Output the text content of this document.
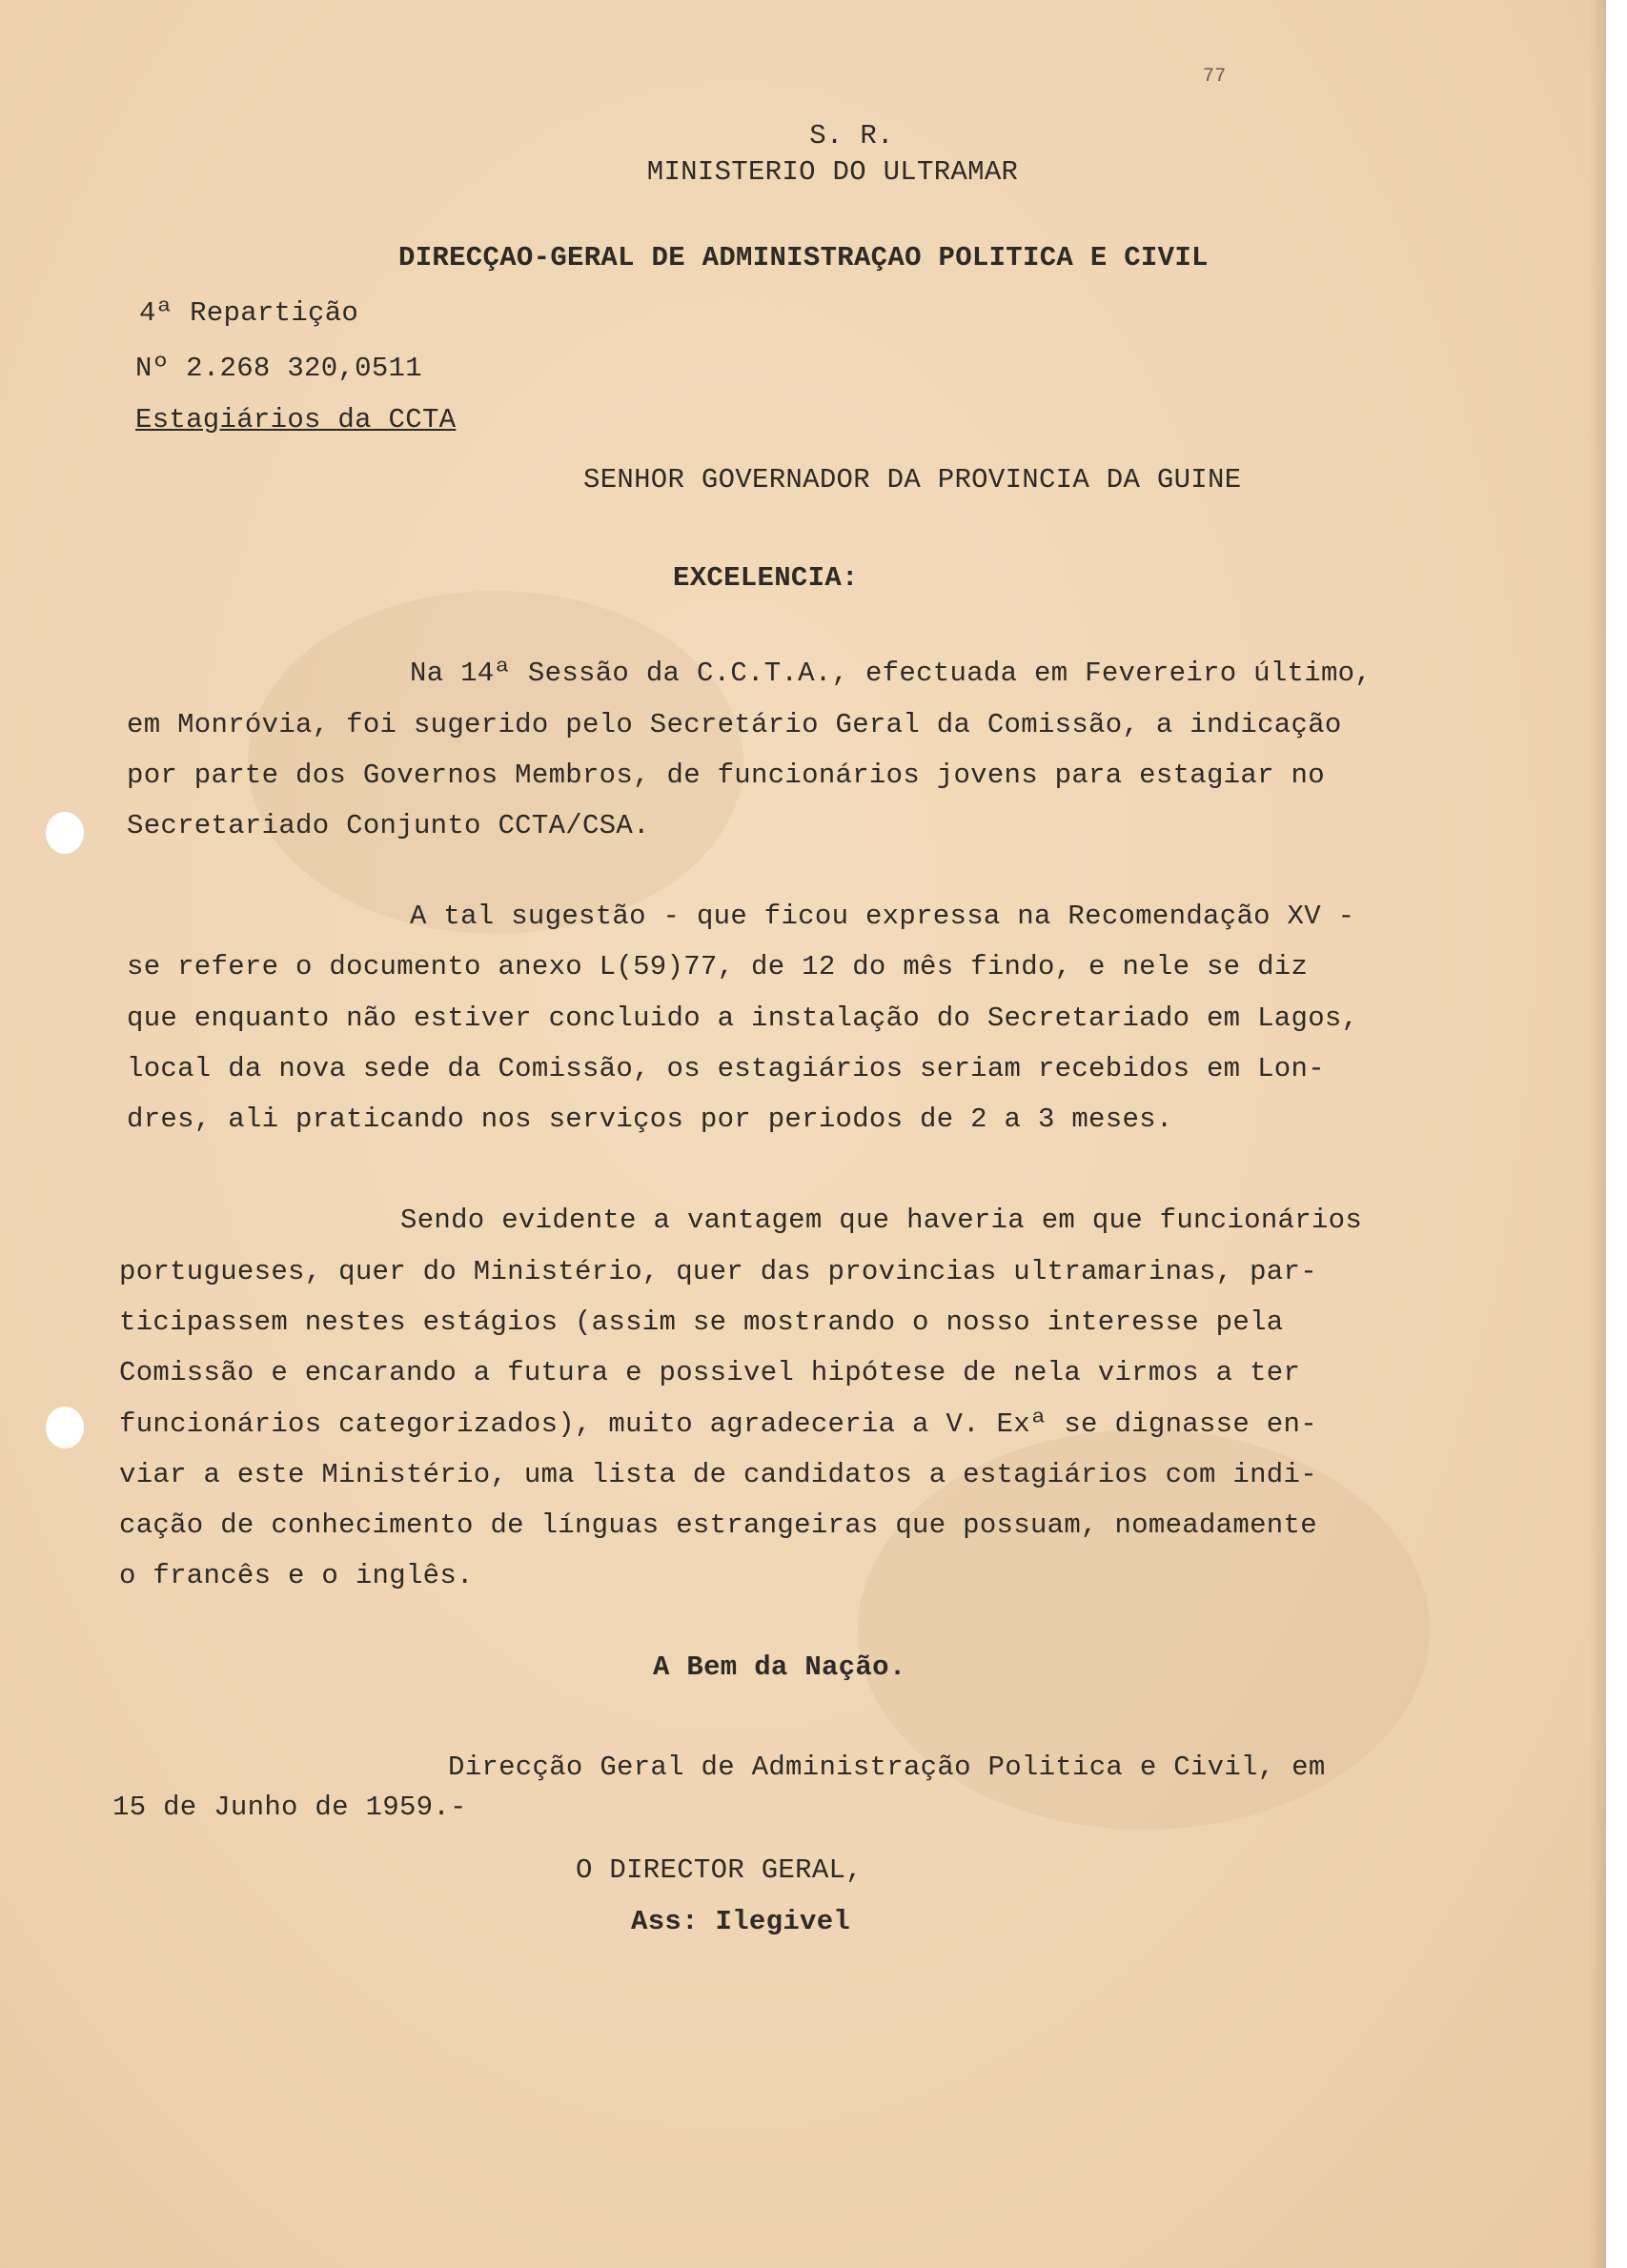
77
S. R.
MINISTERIO DO ULTRAMAR
DIRECÇAO-GERAL DE ADMINISTRAÇAO POLITICA E CIVIL
4ª Repartição
Nº 2.268 320,0511
Estagiários da CCTA
SENHOR GOVERNADOR DA PROVINCIA DA GUINE
EXCELENCIA:
Na 14ª Sessão da C.C.T.A., efectuada em Fevereiro último,
em Monróvia, foi sugerido pelo Secretário Geral da Comissão, a indicação
por parte dos Governos Membros, de funcionários jovens para estagiar no
Secretariado Conjunto CCTA/CSA.
A tal sugestão - que ficou expressa na Recomendação XV -
se refere o documento anexo L(59)77, de 12 do mês findo, e nele se diz
que enquanto não estiver concluido a instalação do Secretariado em Lagos,
local da nova sede da Comissão, os estagiários seriam recebidos em Lon-
dres, ali praticando nos serviços por periodos de 2 a 3 meses.
Sendo evidente a vantagem que haveria em que funcionários
portugueses, quer do Ministério, quer das provincias ultramarinas, par-
ticipassem nestes estágios (assim se mostrando o nosso interesse pela
Comissão e encarando a futura e possivel hipótese de nela virmos a ter
funcionários categorizados), muito agradeceria a V. Exª se dignasse en-
viar a este Ministério, uma lista de candidatos a estagiários com indi-
cação de conhecimento de línguas estrangeiras que possuam, nomeadamente
o francês e o inglês.
A Bem da Nação.
Direcção Geral de Administração Politica e Civil, em
15 de Junho de 1959.-
O DIRECTOR GERAL,
Ass: Ilegivel
